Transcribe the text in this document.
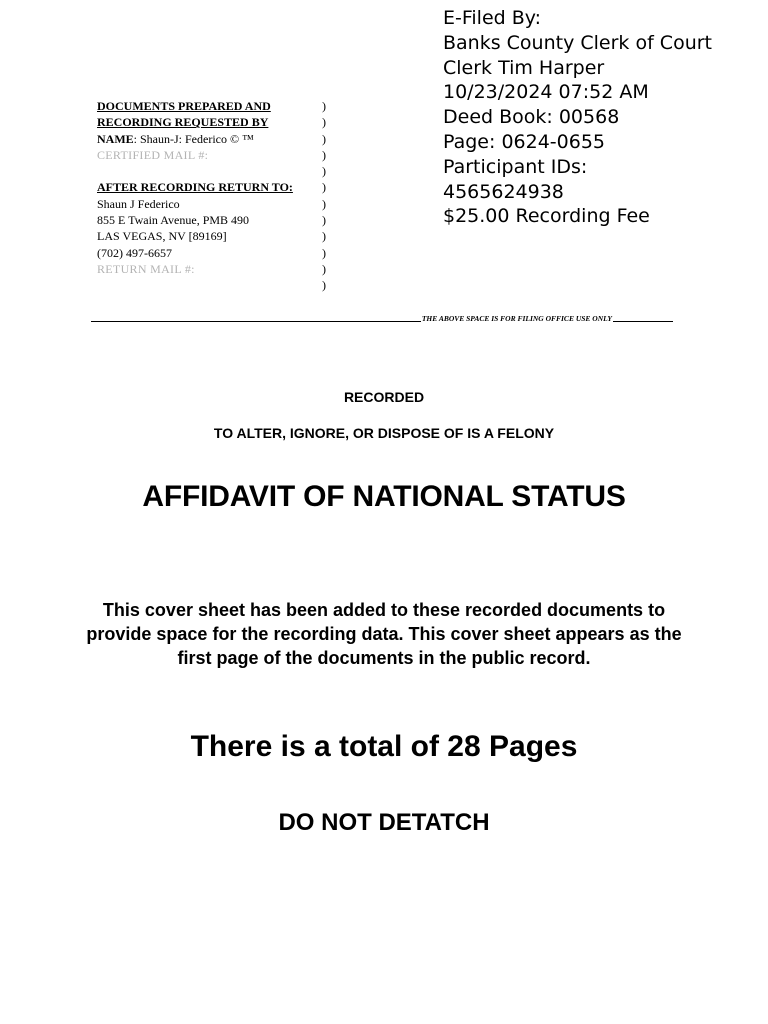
E-Filed By:
Banks County Clerk of Court
Clerk Tim Harper
10/23/2024 07:52 AM
Deed Book: 00568
Page: 0624-0655
Participant IDs:
4565624938
$25.00 Recording Fee
DOCUMENTS PREPARED AND	)
RECORDING REQUESTED BY	)
NAME: Shaun-J: Federico © ™	)
CERTIFIED MAIL #:	)
)
AFTER RECORDING RETURN TO: )
Shaun J Federico	)
855 E Twain Avenue, PMB 490	)
LAS VEGAS, NV [89169]	)
(702) 497-6657	)
RETURN MAIL #:	)
)
THE ABOVE SPACE IS FOR FILING OFFICE USE ONLY
RECORDED
TO ALTER, IGNORE, OR DISPOSE OF IS A FELONY
AFFIDAVIT OF NATIONAL STATUS
This cover sheet has been added to these recorded documents to provide space for the recording data. This cover sheet appears as the first page of the documents in the public record.
There is a total of 28 Pages
DO NOT DETATCH
